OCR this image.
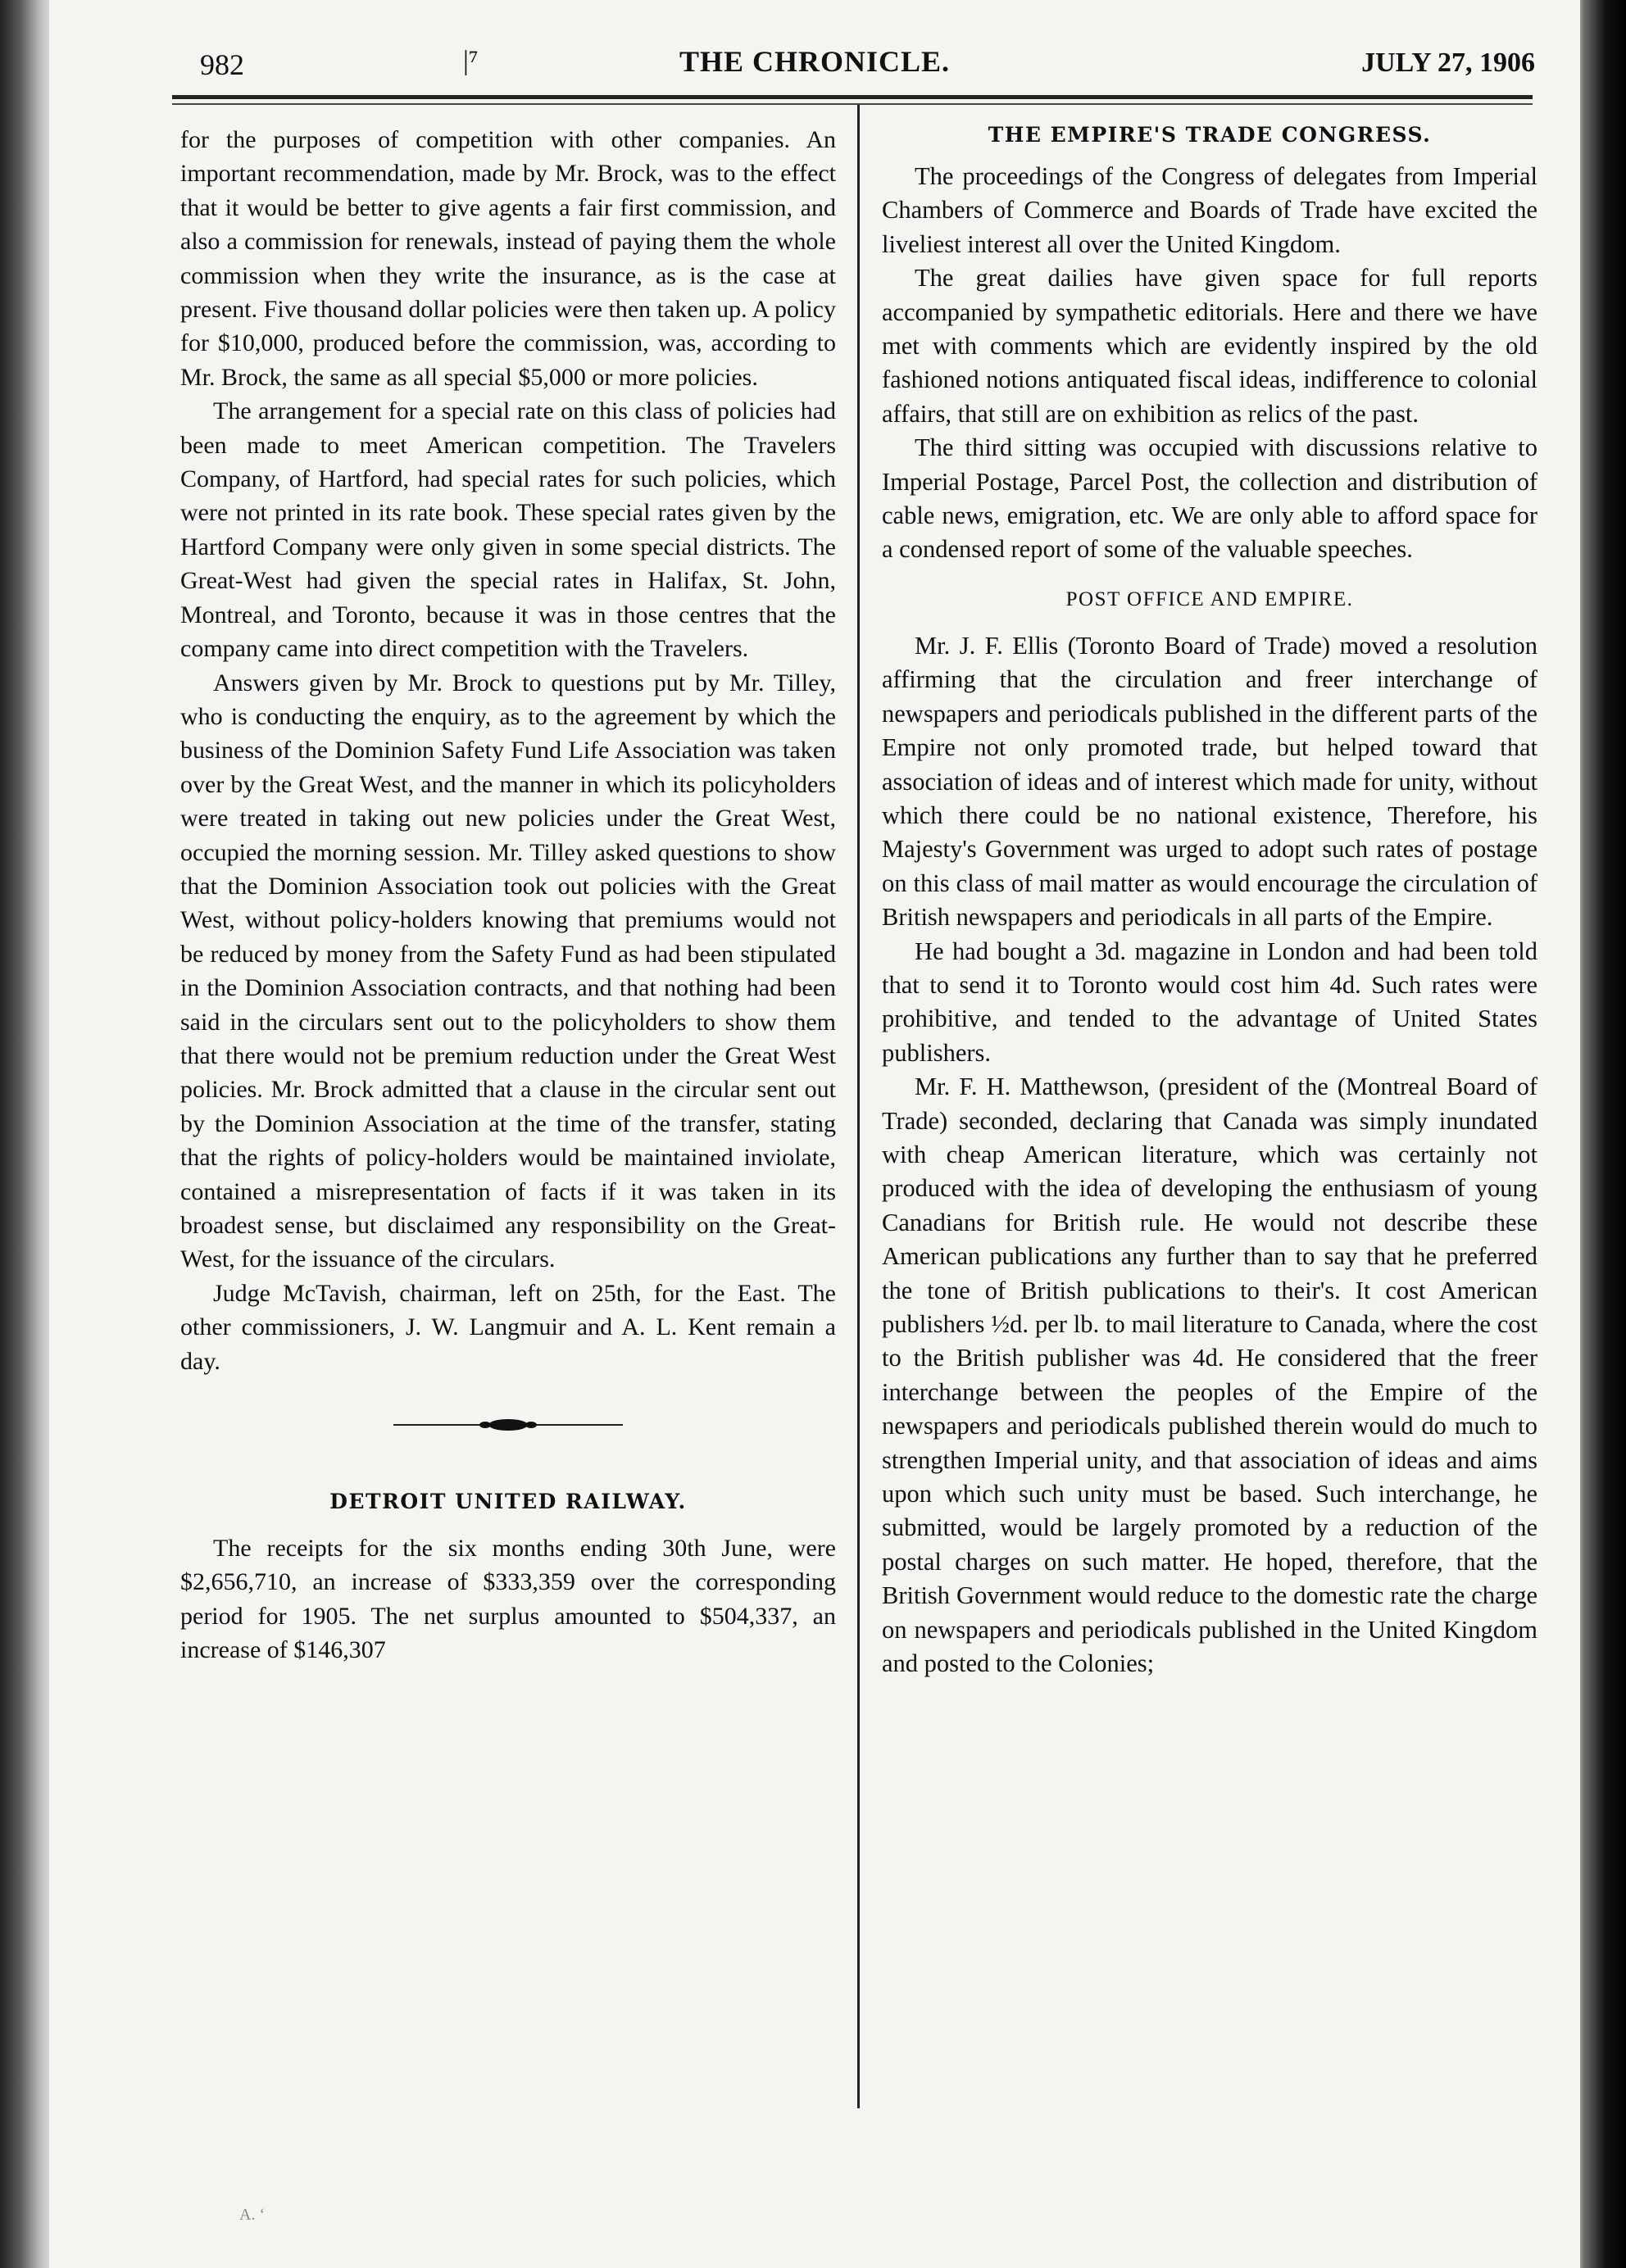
982	|⁷	THE CHRONICLE.	JULY 27, 1906

for the purposes of competition with other companies. An important recommendation, made by Mr. Brock, was to the effect that it would be better to give agents a fair first commission, and also a commission for renewals, instead of paying them the whole commission when they write the insurance, as is the case at present. Five thousand dollar policies were then taken up. A policy for $10,000, produced before the commission, was, according to Mr. Brock, the same as all special $5,000 or more policies.

The arrangement for a special rate on this class of policies had been made to meet American competition. The Travelers Company, of Hartford, had special rates for such policies, which were not printed in its rate book. These special rates given by the Hartford Company were only given in some special districts. The Great-West had given the special rates in Halifax, St. John, Montreal, and Toronto, because it was in those centres that the company came into direct competition with the Travelers.

Answers given by Mr. Brock to questions put by Mr. Tilley, who is conducting the enquiry, as to the agreement by which the business of the Dominion Safety Fund Life Association was taken over by the Great West, and the manner in which its policyholders were treated in taking out new policies under the Great West, occupied the morning session. Mr. Tilley asked questions to show that the Dominion Association took out policies with the Great West, without policy-holders knowing that premiums would not be reduced by money from the Safety Fund as had been stipulated in the Dominion Association contracts, and that nothing had been said in the circulars sent out to the policyholders to show them that there would not be premium reduction under the Great West policies. Mr. Brock admitted that a clause in the circular sent out by the Dominion Association at the time of the transfer, stating that the rights of policy-holders would be maintained inviolate, contained a misrepresentation of facts if it was taken in its broadest sense, but disclaimed any responsibility on the Great-West, for the issuance of the circulars.

Judge McTavish, chairman, left on 25th, for the East. The other commissioners, J. W. Langmuir and A. L. Kent remain a day.

DETROIT UNITED RAILWAY.

The receipts for the six months ending 30th June, were $2,656,710, an increase of $333,359 over the corresponding period for 1905. The net surplus amounted to $504,337, an increase of $146,307

THE EMPIRE'S TRADE CONGRESS.

The proceedings of the Congress of delegates from Imperial Chambers of Commerce and Boards of Trade have excited the liveliest interest all over the United Kingdom.

The great dailies have given space for full reports accompanied by sympathetic editorials. Here and there we have met with comments which are evidently inspired by the old fashioned notions antiquated fiscal ideas, indifference to colonial affairs, that still are on exhibition as relics of the past.

The third sitting was occupied with discussions relative to Imperial Postage, Parcel Post, the collection and distribution of cable news, emigration, etc. We are only able to afford space for a condensed report of some of the valuable speeches.

POST OFFICE AND EMPIRE.

Mr. J. F. Ellis (Toronto Board of Trade) moved a resolution affirming that the circulation and freer interchange of newspapers and periodicals published in the different parts of the Empire not only promoted trade, but helped toward that association of ideas and of interest which made for unity, without which there could be no national existence, Therefore, his Majesty's Government was urged to adopt such rates of postage on this class of mail matter as would encourage the circulation of British newspapers and periodicals in all parts of the Empire.

He had bought a 3d. magazine in London and had been told that to send it to Toronto would cost him 4d. Such rates were prohibitive, and tended to the advantage of United States publishers.

Mr. F. H. Matthewson, (president of the (Montreal Board of Trade) seconded, declaring that Canada was simply inundated with cheap American literature, which was certainly not produced with the idea of developing the enthusiasm of young Canadians for British rule. He would not describe these American publications any further than to say that he preferred the tone of British publications to their's. It cost American publishers ½d. per lb. to mail literature to Canada, where the cost to the British publisher was 4d. He considered that the freer interchange between the peoples of the Empire of the newspapers and periodicals published therein would do much to strengthen Imperial unity, and that association of ideas and aims upon which such unity must be based. Such interchange, he submitted, would be largely promoted by a reduction of the postal charges on such matter. He hoped, therefore, that the British Government would reduce to the domestic rate the charge on newspapers and periodicals published in the United Kingdom and posted to the Colonies;

A. ʻ
